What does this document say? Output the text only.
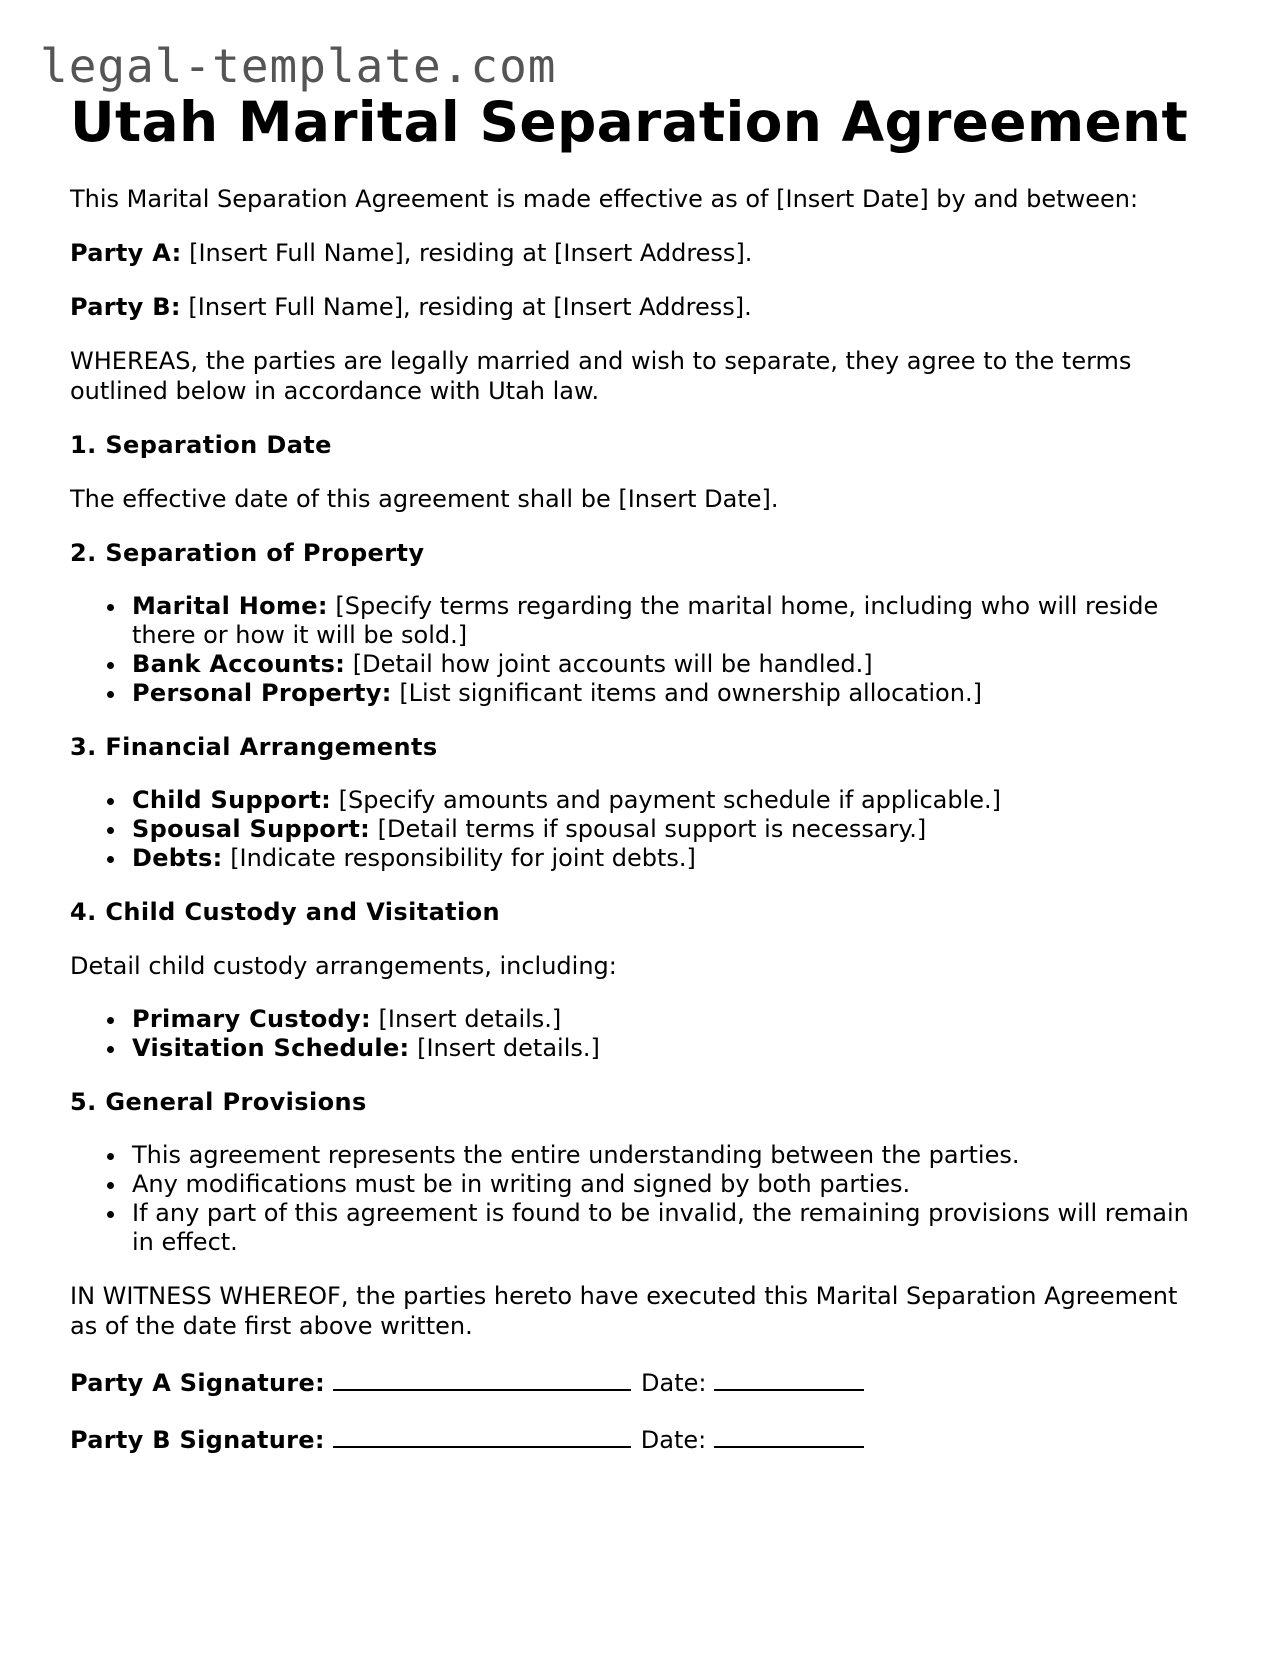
legal-template.com
Utah Marital Separation Agreement

This Marital Separation Agreement is made effective as of [Insert Date] by and between:

Party A: [Insert Full Name], residing at [Insert Address].

Party B: [Insert Full Name], residing at [Insert Address].

WHEREAS, the parties are legally married and wish to separate, they agree to the terms outlined below in accordance with Utah law.

1. Separation Date

The effective date of this agreement shall be [Insert Date].

2. Separation of Property
Marital Home: [Specify terms regarding the marital home, including who will reside there or how it will be sold.]
Bank Accounts: [Detail how joint accounts will be handled.]
Personal Property: [List significant items and ownership allocation.]
3. Financial Arrangements
Child Support: [Specify amounts and payment schedule if applicable.]
Spousal Support: [Detail terms if spousal support is necessary.]
Debts: [Indicate responsibility for joint debts.]
4. Child Custody and Visitation

Detail child custody arrangements, including:

Primary Custody: [Insert details.]
Visitation Schedule: [Insert details.]
5. General Provisions
This agreement represents the entire understanding between the parties.
Any modifications must be in writing and signed by both parties.
If any part of this agreement is found to be invalid, the remaining provisions will remain in effect.

IN WITNESS WHEREOF, the parties hereto have executed this Marital Separation Agreement as of the date first above written.

Party A Signature:	Date:

Party B Signature:	Date:
